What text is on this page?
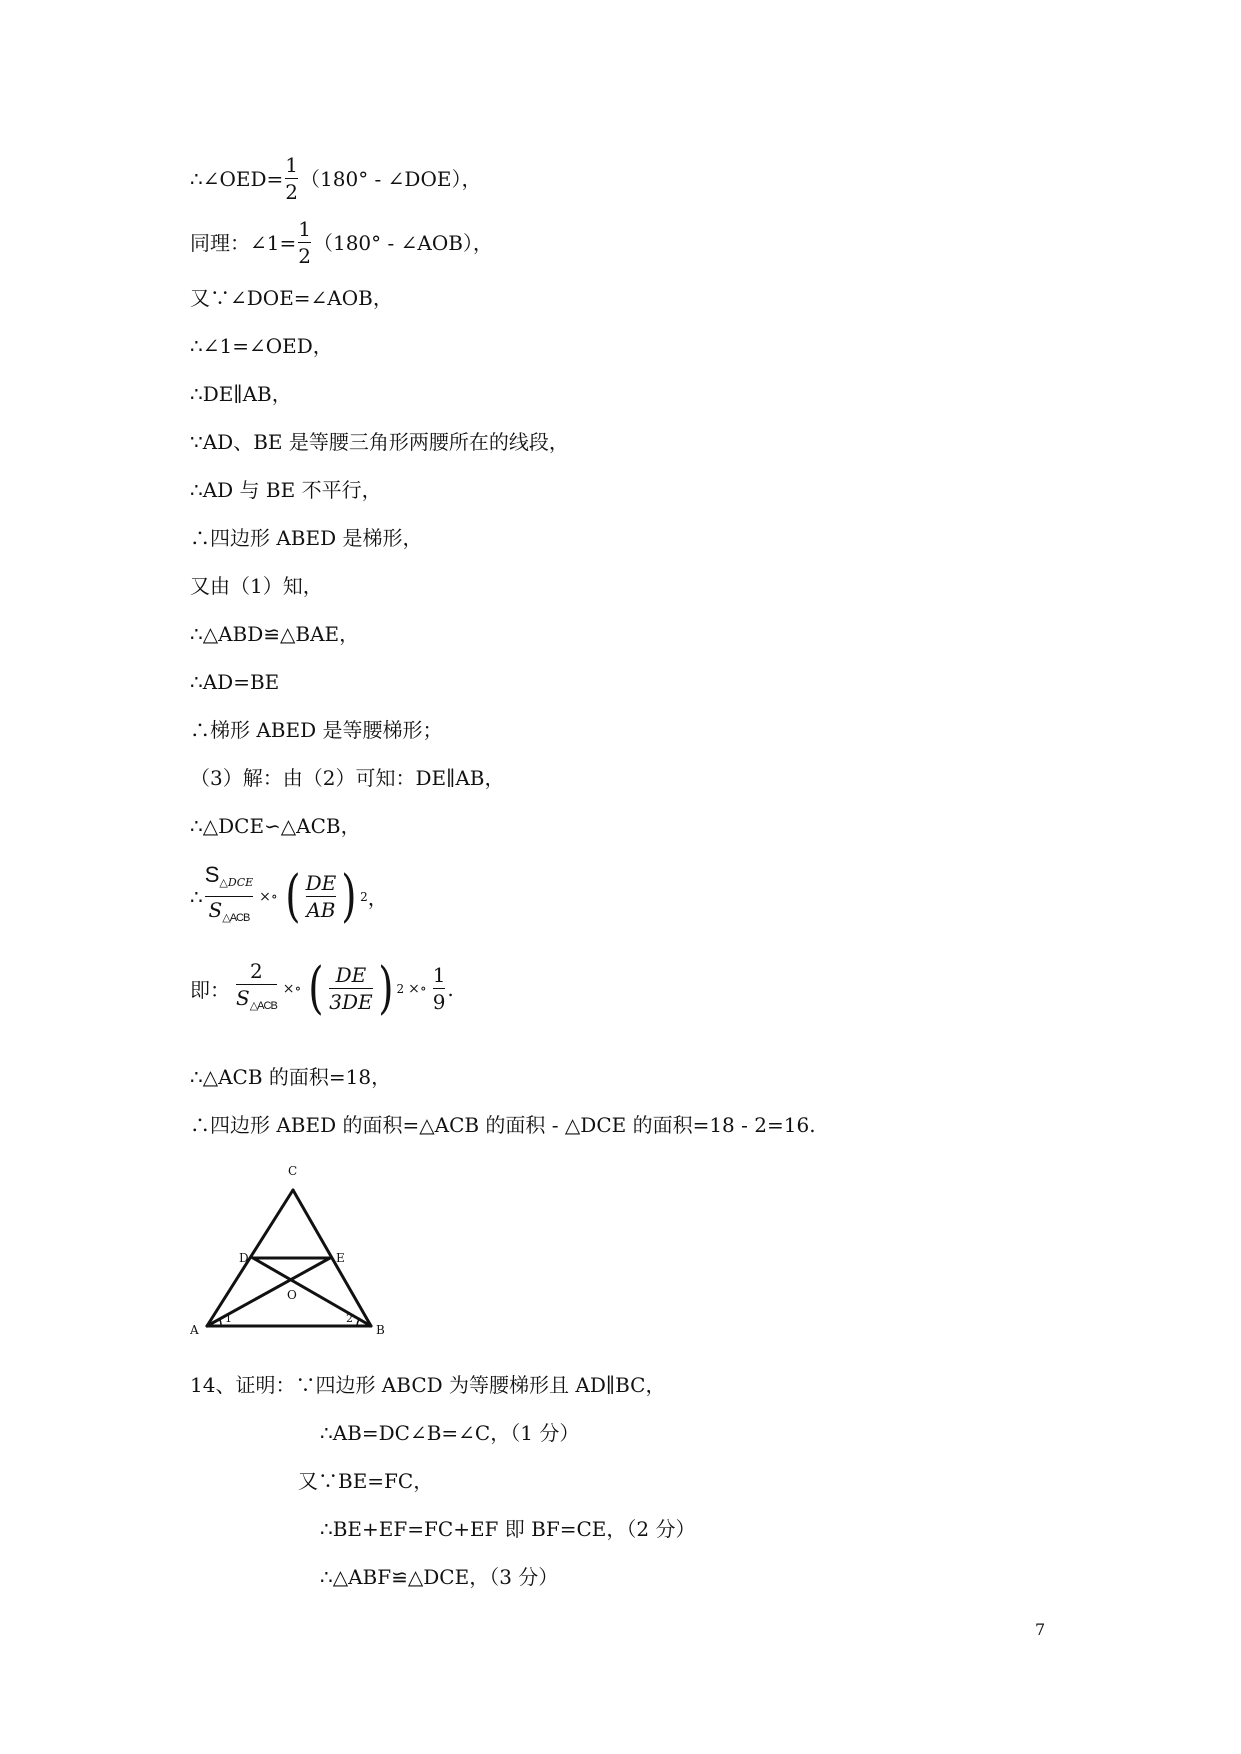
∴∠OED= $\frac{1}{2} (180^\circ$ - ∠DOE），
同理：∠1= $\frac{1}{2} (180^\circ$ - ∠AOB），
又∵∠DOE=∠AOB，
∴∠1=∠OED，
∴DE∥AB，
∵AD、BE 是等腰三角形两腰所在的线段，
∴AD 与 BE 不平行，
∴四边形 ABED 是梯形，
又由（1）知，
∴△ABD≌△BAE，
∴AD=BE
∴梯形 ABED 是等腰梯形；
（3）解：由（2）可知：DE∥AB，
∴△DCE∽△ACB，
∴ $\frac{S_{\triangle DCE}}{S_{\triangle ACB}}$ ×∘ ( $\frac{DE}{AB}$ ) 2 ，
即： $\frac{2}{S_{\triangle ACB}}$ ×∘ ( $\frac{DE}{3DE}$ ) 2 ×∘ $\frac{1}{9}$ .
∴△ACB 的面积=18，
∴四边形 ABED 的面积=△ACB 的面积 - △DCE 的面积=18 - 2=16.
C
D	E
O
A	B
1	2
14、证明：∵四边形 ABCD 为等腰梯形且 AD∥BC，
∴AB=DC∠B=∠C，（1 分）
又∵BE=FC，
∴BE+EF=FC+EF 即 BF=CE，（2 分）
∴△ABF≌△DCE，（3 分）
7
